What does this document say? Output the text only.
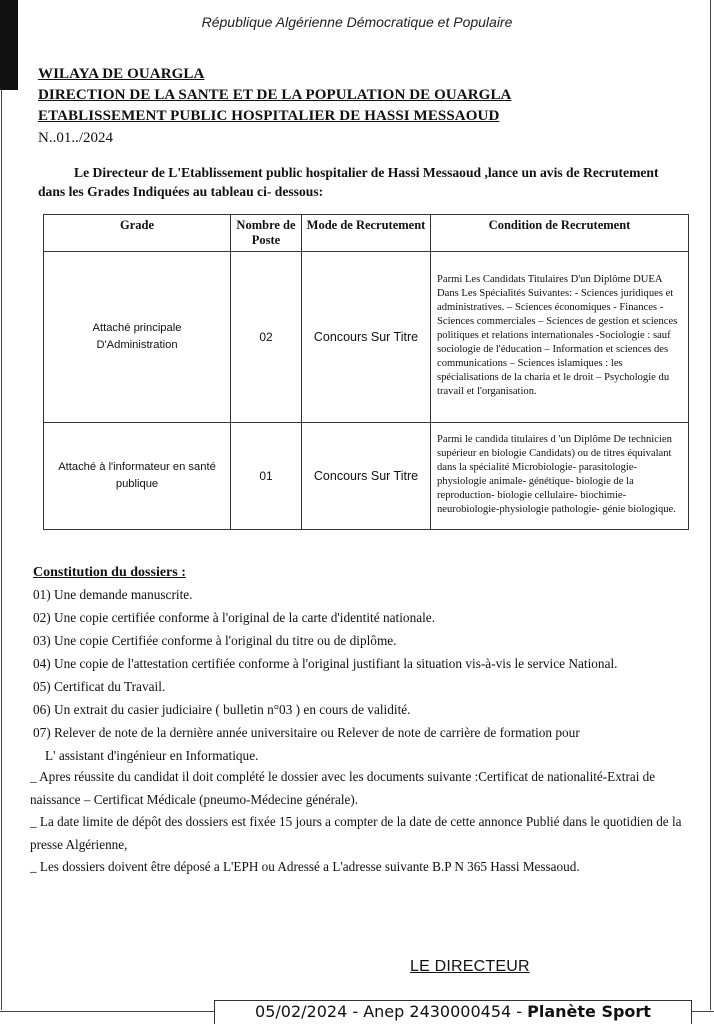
République Algérienne Démocratique et Populaire
WILAYA DE OUARGLA
DIRECTION DE LA SANTE ET DE LA POPULATION DE OUARGLA
ETABLISSEMENT PUBLIC HOSPITALIER DE HASSI MESSAOUD
N..01../2024
Le Directeur de L'Etablissement public hospitalier de Hassi Messaoud ,lance un avis de Recrutement dans les Grades Indiquées au tableau ci- dessous:
Grade	Nombre de Poste	Mode de Recrutement	Condition de Recrutement
Attaché principale D'Administration	02	Concours Sur Titre	Parmi Les Candidats Titulaires D'un Diplôme DUEA Dans Les Spécialités Suivantes: - Sciences juridiques et administratives. – Sciences économiques - Finances - Sciences commerciales – Sciences de gestion et sciences politiques et relations internationales -Sociologie : sauf sociologie de l'éducation – Information et sciences des communications – Sciences islamiques : les spécialisations de la charia et le droit – Psychologie du travail et l'organisation.
Attaché à l'informateur en santé publique	01	Concours Sur Titre	Parmi le candida titulaires d 'un Diplôme De technicien supérieur en biologie Candidats) ou de titres équivalant dans la spécialité Microbiologie- parasitologie- physiologie animale- génétique- biologie de la reproduction- biologie cellulaire- biochimie- neurobiologie-physiologie pathologie- génie biologique.
Constitution du dossiers :
01) Une demande manuscrite.
02) Une copie certifiée conforme à l'original de la carte d'identité nationale.
03) Une copie Certifiée conforme à l'original du titre ou de diplôme.
04) Une copie de l'attestation certifiée conforme à l'original justifiant la situation vis-à-vis le service National.
05) Certificat du Travail.
06) Un extrait du casier judiciaire ( bulletin n°03 ) en cours de validité.
07) Relever de note de la dernière année universitaire ou Relever de note de carrière de formation pour
L' assistant d'ingénieur en Informatique.

_ Apres réussite du candidat il doit complété le dossier avec les documents suivante :Certificat de nationalité-Extrai de naissance – Certificat Médicale (pneumo-Médecine générale).

_ La date limite de dépôt des dossiers est fixée 15 jours a compter de la date de cette annonce Publié dans le quotidien de la presse Algérienne,

_ Les dossiers doivent être déposé a L'EPH ou Adressé a L'adresse suivante B.P N 365 Hassi Messaoud.

LE DIRECTEUR
05/02/2024 - Anep 2430000454 - Planète Sport
